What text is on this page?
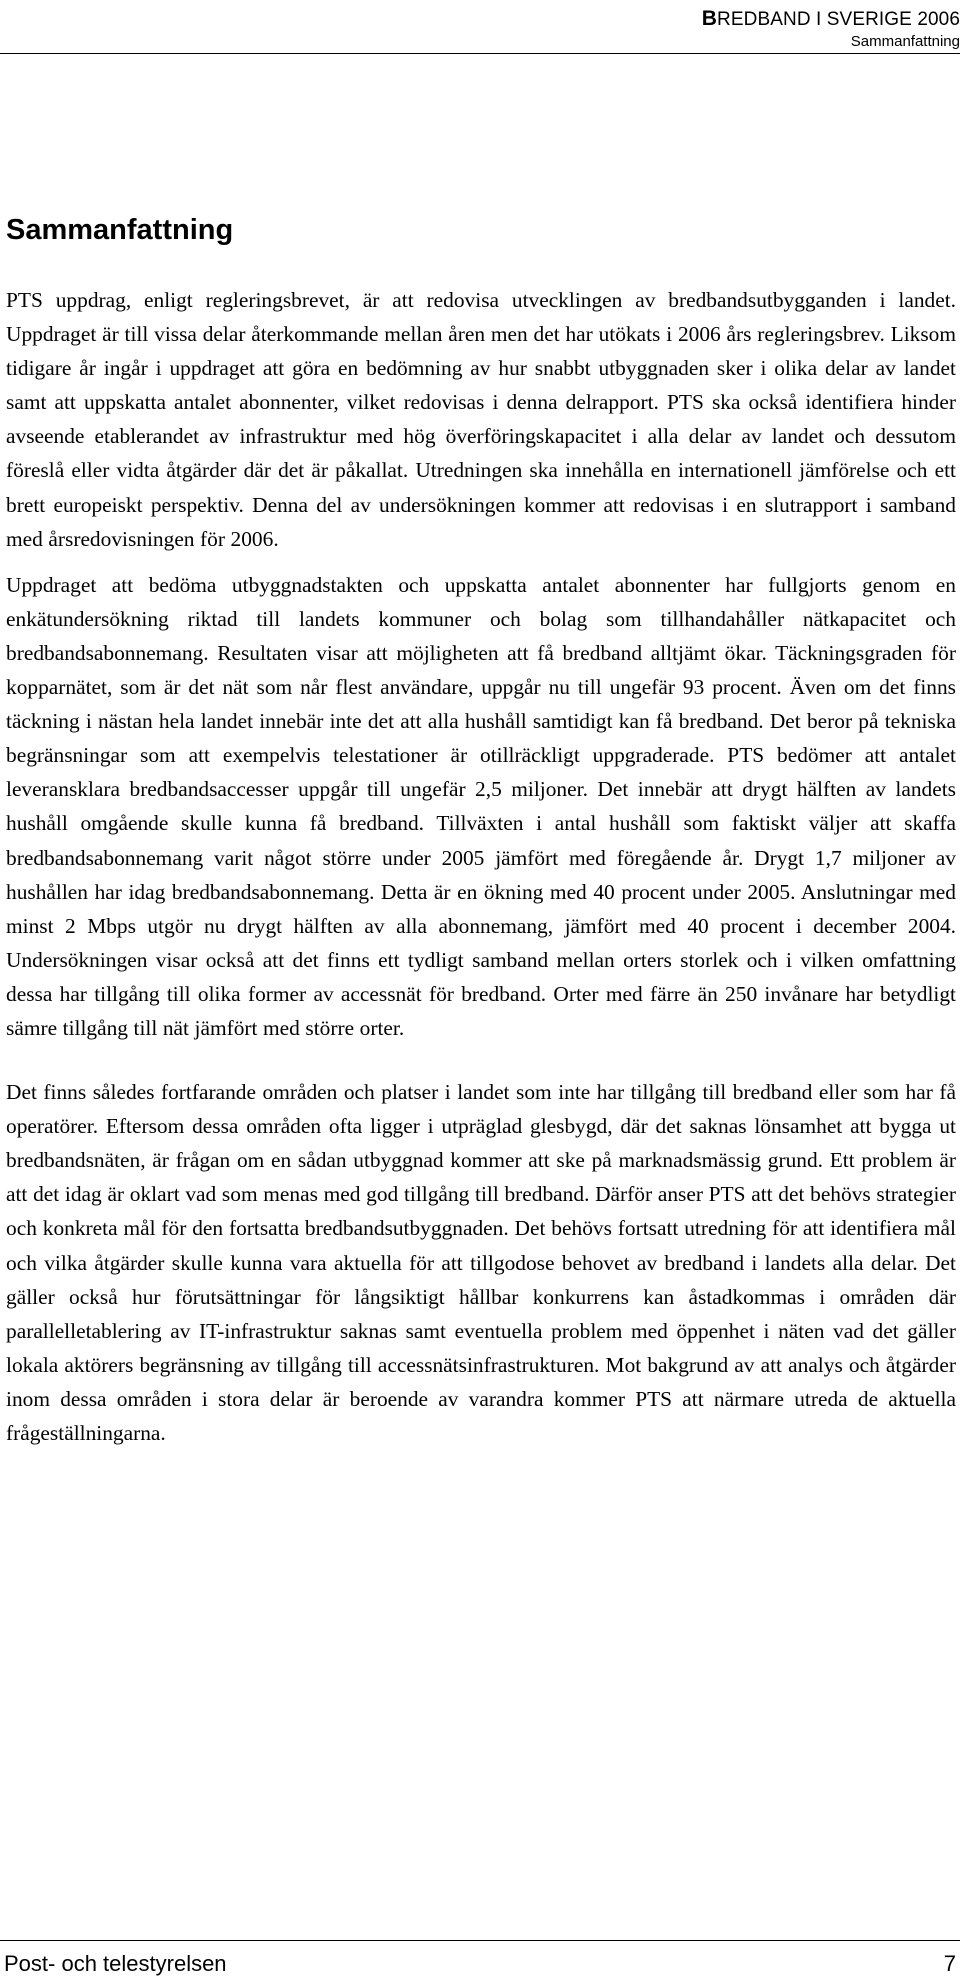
BREDBAND I SVERIGE 2006
Sammanfattning
Sammanfattning

PTS uppdrag, enligt regleringsbrevet, är att redovisa utvecklingen av bredbandsutbygganden i landet. Uppdraget är till vissa delar återkommande mellan åren men det har utökats i 2006 års regleringsbrev. Liksom tidigare år ingår i uppdraget att göra en bedömning av hur snabbt utbyggnaden sker i olika delar av landet samt att uppskatta antalet abonnenter, vilket redovisas i denna delrapport. PTS ska också identifiera hinder avseende etablerandet av infrastruktur med hög överföringskapacitet i alla delar av landet och dessutom föreslå eller vidta åtgärder där det är påkallat. Utredningen ska innehålla en internationell jämförelse och ett brett europeiskt perspektiv. Denna del av undersökningen kommer att redovisas i en slutrapport i samband med årsredovisningen för 2006.

Uppdraget att bedöma utbyggnadstakten och uppskatta antalet abonnenter har fullgjorts genom en enkätundersökning riktad till landets kommuner och bolag som tillhandahåller nätkapacitet och bredbandsabonnemang. Resultaten visar att möjligheten att få bredband alltjämt ökar. Täckningsgraden för kopparnätet, som är det nät som når flest användare, uppgår nu till ungefär 93 procent. Även om det finns täckning i nästan hela landet innebär inte det att alla hushåll samtidigt kan få bredband. Det beror på tekniska begränsningar som att exempelvis telestationer är otillräckligt uppgraderade. PTS bedömer att antalet leveransklara bredbandsaccesser uppgår till ungefär 2,5 miljoner. Det innebär att drygt hälften av landets hushåll omgående skulle kunna få bredband. Tillväxten i antal hushåll som faktiskt väljer att skaffa bredbandsabonnemang varit något större under 2005 jämfört med föregående år. Drygt 1,7 miljoner av hushållen har idag bredbandsabonnemang. Detta är en ökning med 40 procent under 2005. Anslutningar med minst 2 Mbps utgör nu drygt hälften av alla abonnemang, jämfört med 40 procent i december 2004. Undersökningen visar också att det finns ett tydligt samband mellan orters storlek och i vilken omfattning dessa har tillgång till olika former av accessnät för bredband. Orter med färre än 250 invånare har betydligt sämre tillgång till nät jämfört med större orter.

Det finns således fortfarande områden och platser i landet som inte har tillgång till bredband eller som har få operatörer. Eftersom dessa områden ofta ligger i utpräglad glesbygd, där det saknas lönsamhet att bygga ut bredbandsnäten, är frågan om en sådan utbyggnad kommer att ske på marknadsmässig grund. Ett problem är att det idag är oklart vad som menas med god tillgång till bredband. Därför anser PTS att det behövs strategier och konkreta mål för den fortsatta bredbandsutbyggnaden. Det behövs fortsatt utredning för att identifiera mål och vilka åtgärder skulle kunna vara aktuella för att tillgodose behovet av bredband i landets alla delar. Det gäller också hur förutsättningar för långsiktigt hållbar konkurrens kan åstadkommas i områden där parallelletablering av IT-infrastruktur saknas samt eventuella problem med öppenhet i näten vad det gäller lokala aktörers begränsning av tillgång till accessnätsinfrastrukturen. Mot bakgrund av att analys och åtgärder inom dessa områden i stora delar är beroende av varandra kommer PTS att närmare utreda de aktuella frågeställningarna.

Post- och telestyrelsen	7
